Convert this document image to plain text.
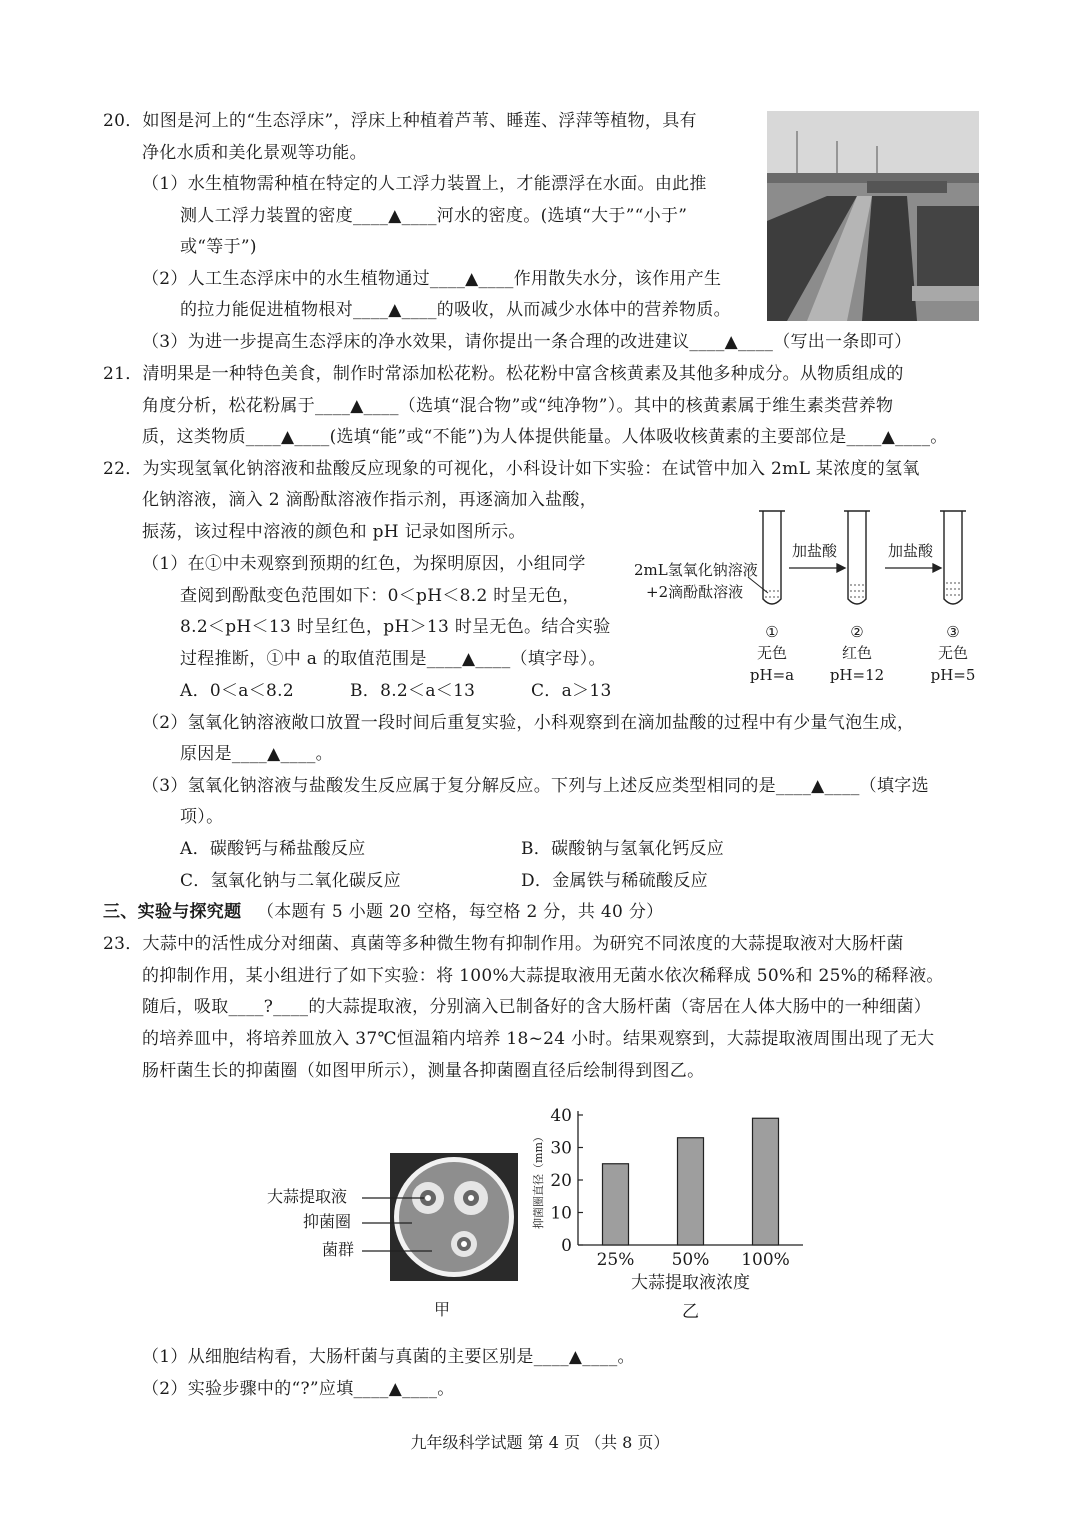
20．如图是河上的“生态浮床”，浮床上种植着芦苇、睡莲、浮萍等植物，具有
净化水质和美化景观等功能。
（1）水生植物需种植在特定的人工浮力装置上，才能漂浮在水面。由此推
测人工浮力装置的密度____▲____河水的密度。(选填“大于”“小于”
或“等于”)
（2）人工生态浮床中的水生植物通过____▲____作用散失水分，该作用产生
的拉力能促进植物根对____▲____的吸收，从而减少水体中的营养物质。
（3）为进一步提高生态浮床的净水效果，请你提出一条合理的改进建议____▲____（写出一条即可）
21．清明果是一种特色美食，制作时常添加松花粉。松花粉中富含核黄素及其他多种成分。从物质组成的
角度分析，松花粉属于____▲____（选填“混合物”或“纯净物”）。其中的核黄素属于维生素类营养物
质，这类物质____▲____(选填“能”或“不能”)为人体提供能量。人体吸收核黄素的主要部位是____▲____。
22．为实现氢氧化钠溶液和盐酸反应现象的可视化，小科设计如下实验：在试管中加入 2mL 某浓度的氢氧
化钠溶液，滴入 2 滴酚酞溶液作指示剂，再逐滴加入盐酸，
振荡，该过程中溶液的颜色和 pH 记录如图所示。
（1）在①中未观察到预期的红色，为探明原因，小组同学
查阅到酚酞变色范围如下：0＜pH＜8.2 时呈无色，
8.2＜pH＜13 时呈红色，pH＞13 时呈无色。结合实验
过程推断，①中 a 的取值范围是____▲____（填字母）。
A．0＜a＜8.2	B．8.2＜a＜13	C．a＞13
2mL氢氧化钠溶液
+2滴酚酞溶液
加盐酸	加盐酸
①
无色
pH=a
②
红色
pH=12
③
无色
pH=5
（2）氢氧化钠溶液敞口放置一段时间后重复实验，小科观察到在滴加盐酸的过程中有少量气泡生成，
原因是____▲____。
（3）氢氧化钠溶液与盐酸发生反应属于复分解反应。下列与上述反应类型相同的是____▲____（填字选
项）。
A．碳酸钙与稀盐酸反应	B．碳酸钠与氢氧化钙反应
C．氢氧化钠与二氧化碳反应	D．金属铁与稀硫酸反应
三、实验与探究题 （本题有 5 小题 20 空格，每空格 2 分，共 40 分）
23．大蒜中的活性成分对细菌、真菌等多种微生物有抑制作用。为研究不同浓度的大蒜提取液对大肠杆菌
的抑制作用，某小组进行了如下实验：将 100%大蒜提取液用无菌水依次稀释成 50%和 25%的稀释液。
随后，吸取____?____的大蒜提取液，分别滴入已制备好的含大肠杆菌（寄居在人体大肠中的一种细菌）
的培养皿中，将培养皿放入 37℃恒温箱内培养 18~24 小时。结果观察到，大蒜提取液周围出现了无大
肠杆菌生长的抑菌圈（如图甲所示），测量各抑菌圈直径后绘制得到图乙。
大蒜提取液
抑菌圈
菌群
甲
0
10
20
30
40
25% 50% 100%
大蒜提取液浓度
抑菌圈直径（mm）
乙
（1）从细胞结构看，大肠杆菌与真菌的主要区别是____▲____。
（2）实验步骤中的“?”应填____▲____。
九年级科学试题 第 4 页 （共 8 页）
